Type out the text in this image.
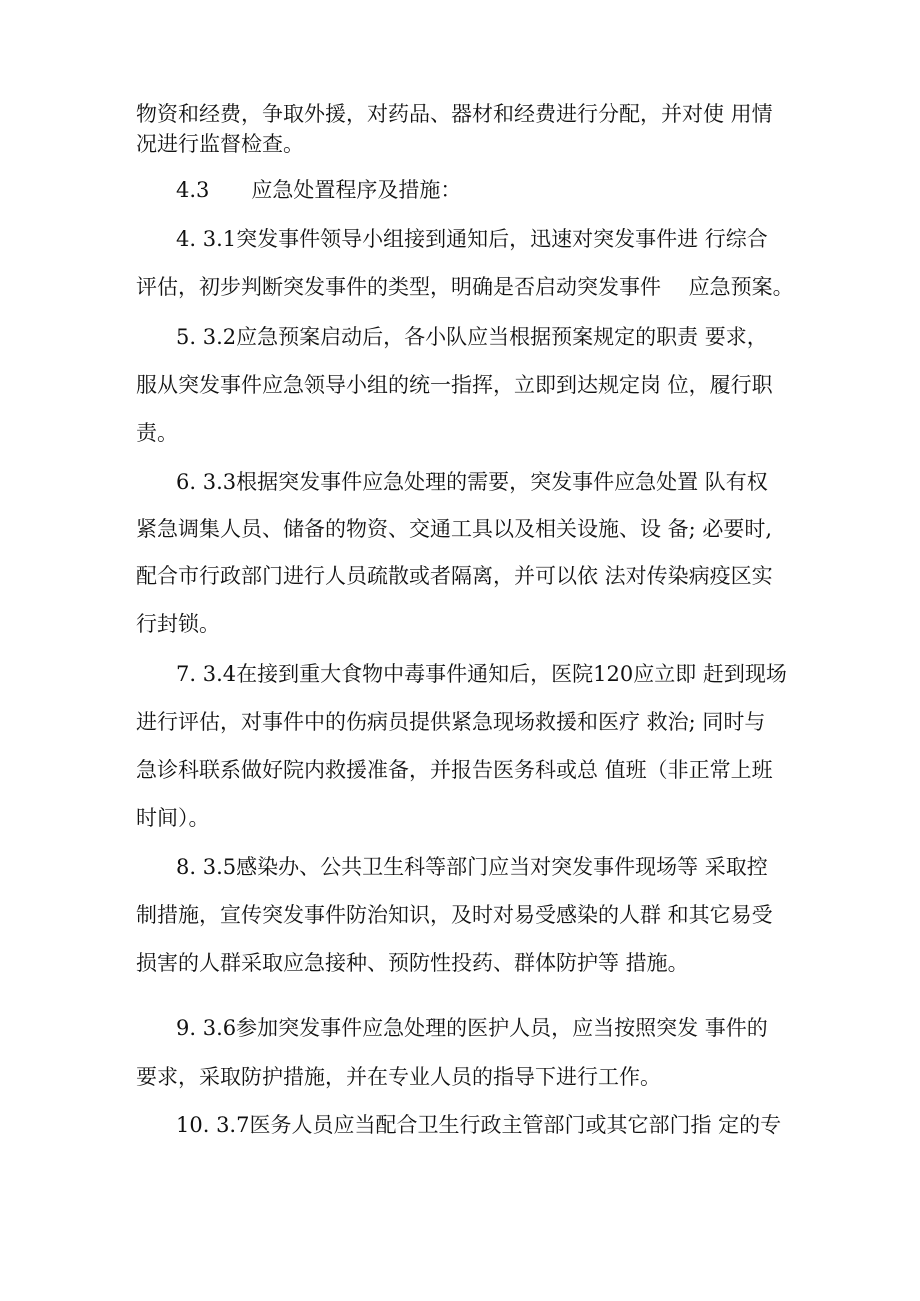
物资和经费，争取外援，对药品、器材和经费进行分配，并对使 用情
况进行监督检查。
4.3　　应急处置程序及措施：
4. 3.1突发事件领导小组接到通知后，迅速对突发事件进 行综合
评估，初步判断突发事件的类型，明确是否启动突发事件　 应急预案。
5. 3.2应急预案启动后，各小队应当根据预案规定的职责 要求，
服从突发事件应急领导小组的统一指挥，立即到达规定岗 位，履行职
责。
6. 3.3根据突发事件应急处理的需要，突发事件应急处置 队有权
紧急调集人员、储备的物资、交通工具以及相关设施、设 备; 必要时,
配合市行政部门进行人员疏散或者隔离，并可以依 法对传染病疫区实
行封锁。
7. 3.4在接到重大食物中毒事件通知后，医院120应立即 赶到现场
进行评估，对事件中的伤病员提供紧急现场救援和医疗 救治; 同时与
急诊科联系做好院内救援准备，并报告医务科或总 值班（非正常上班
时间）。
8. 3.5感染办、公共卫生科等部门应当对突发事件现场等 采取控
制措施，宣传突发事件防治知识，及时对易受感染的人群 和其它易受
损害的人群采取应急接种、预防性投药、群体防护等 措施。
9. 3.6参加突发事件应急处理的医护人员，应当按照突发 事件的
要求，采取防护措施，并在专业人员的指导下进行工作。
10. 3.7医务人员应当配合卫生行政主管部门或其它部门指 定的专
